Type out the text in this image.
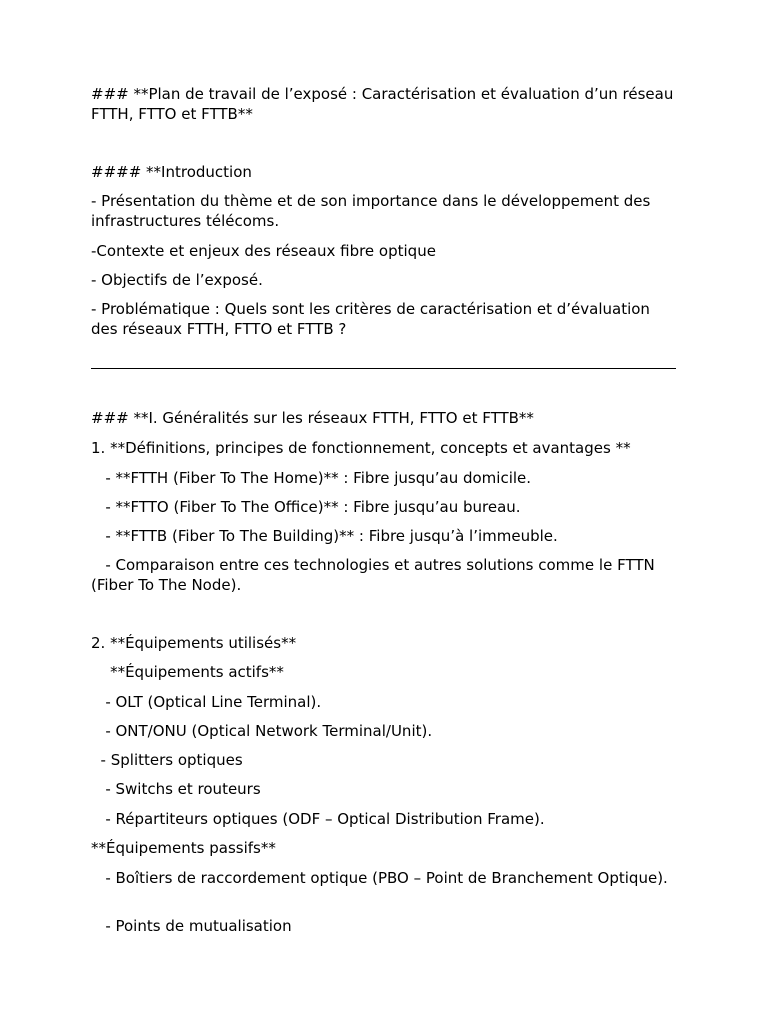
### **Plan de travail de l’exposé : Caractérisation et évaluation d’un réseau FTTH, FTTO et FTTB**

#### **Introduction

- Présentation du thème et de son importance dans le développement des infrastructures télécoms.

-Contexte et enjeux des réseaux fibre optique

- Objectifs de l’exposé.

- Problématique : Quels sont les critères de caractérisation et d’évaluation des réseaux FTTH, FTTO et FTTB ?

### **I. Généralités sur les réseaux FTTH, FTTO et FTTB**

1. **Définitions, principes de fonctionnement, concepts et avantages **

- **FTTH (Fiber To The Home)** : Fibre jusqu’au domicile.

- **FTTO (Fiber To The Office)** : Fibre jusqu’au bureau.

- **FTTB (Fiber To The Building)** : Fibre jusqu’à l’immeuble.

- Comparaison entre ces technologies et autres solutions comme le FTTN (Fiber To The Node).

2. **Équipements utilisés**

**Équipements actifs**

- OLT (Optical Line Terminal).

- ONT/ONU (Optical Network Terminal/Unit).

- Splitters optiques

- Switchs et routeurs

- Répartiteurs optiques (ODF – Optical Distribution Frame).

**Équipements passifs**

- Boîtiers de raccordement optique (PBO – Point de Branchement Optique).

- Points de mutualisation
